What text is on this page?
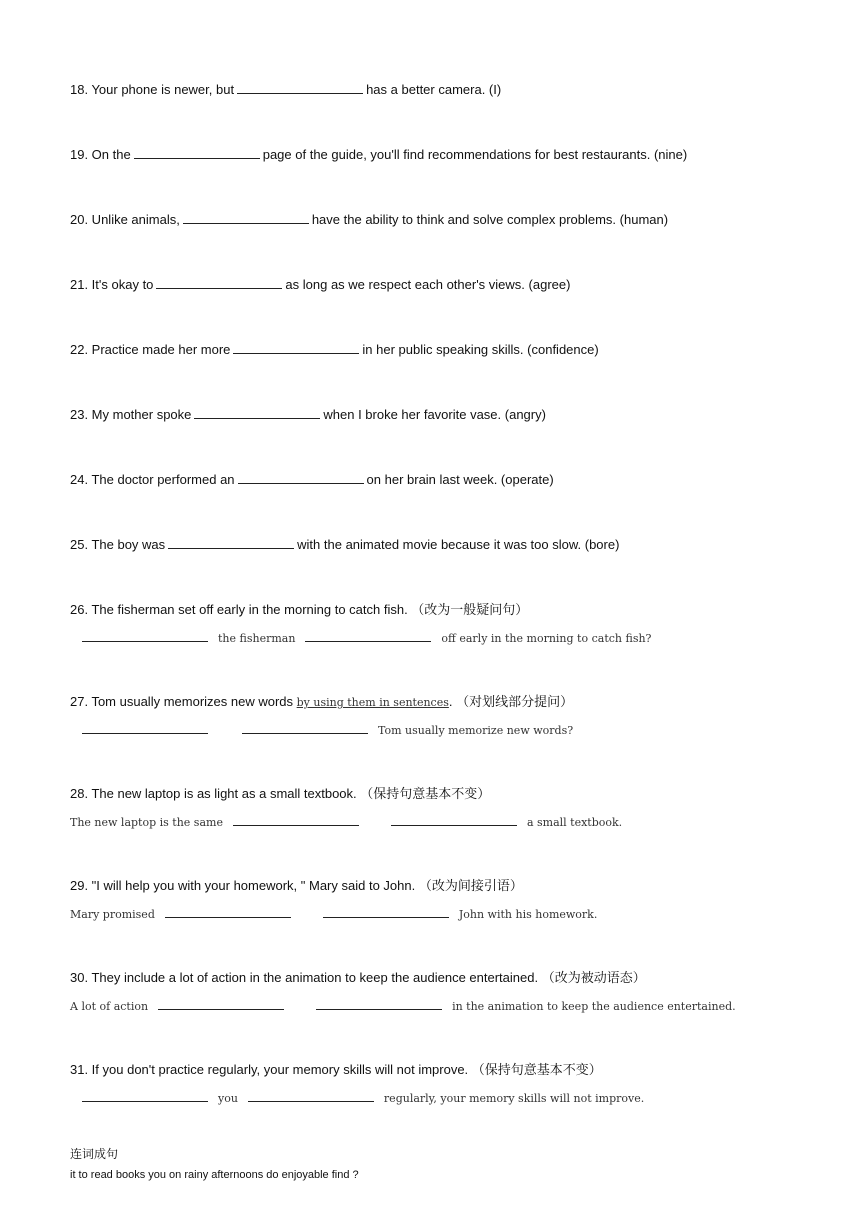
18. Your phone is newer, but	has a better camera. (I)
19. On the	page of the guide, you'll find recommendations for best restaurants. (nine)
20. Unlike animals,	have the ability to think and solve complex problems. (human)
21. It's okay to	as long as we respect each other's views. (agree)
22. Practice made her more	in her public speaking skills. (confidence)
23. My mother spoke	when I broke her favorite vase. (angry)
24. The doctor performed an	on her brain last week. (operate)
25. The boy was	with the animated movie because it was too slow. (bore)
26. The fisherman set off early in the morning to catch fish. （改为一般疑问句）
the fisherman	off early in the morning to catch fish?
27. Tom usually memorizes new words by using them in sentences. （对划线部分提问）
Tom usually memorize new words?
28. The new laptop is as light as a small textbook. （保持句意基本不变）
The new laptop is the same	a small textbook.
29. "I will help you with your homework, " Mary said to John. （改为间接引语）
Mary promised	John with his homework.
30. They include a lot of action in the animation to keep the audience entertained. （改为被动语态）
A lot of action	in the animation to keep the audience entertained.
31. If you don't practice regularly, your memory skills will not improve. （保持句意基本不变）
you	regularly, your memory skills will not improve.
连词成句
it to read books you on rainy afternoons do enjoyable find ?
